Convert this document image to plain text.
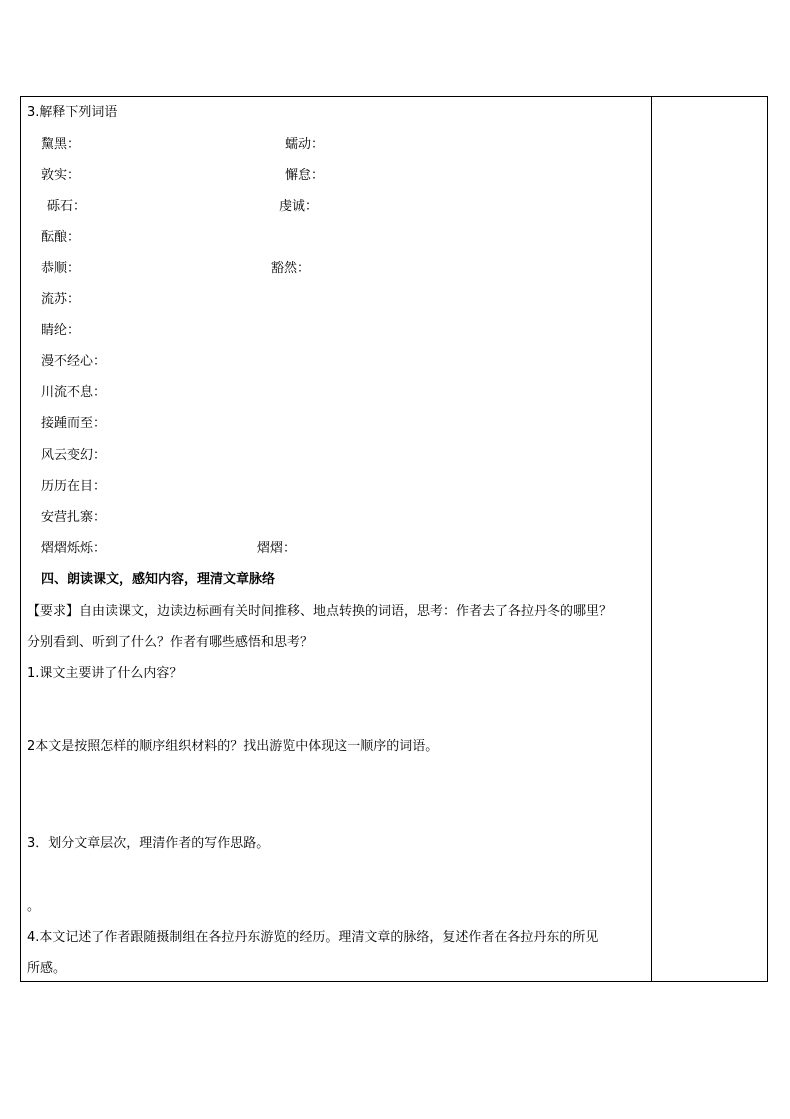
3.解释下列词语
黧黑：	蠕动：
敦实：	懈怠：
砾石：	虔诚：
酝酿：
恭顺：	豁然：
流苏：
睛纶：
漫不经心：
川流不息：
接踵而至：
风云变幻：
历历在目：
安营扎寨：
熠熠烁烁：	熠熠：
四、朗读课文，感知内容，理清文章脉络
【要求】自由读课文，边读边标画有关时间推移、地点转换的词语，思考：作者去了各拉丹冬的哪里？
分别看到、听到了什么？作者有哪些感悟和思考？
1.课文主要讲了什么内容？
2本文是按照怎样的顺序组织材料的？找出游览中体现这一顺序的词语。
3．划分文章层次，理清作者的写作思路。
。
4.本文记述了作者跟随摄制组在各拉丹东游览的经历。理清文章的脉络，复述作者在各拉丹东的所见
所感。
